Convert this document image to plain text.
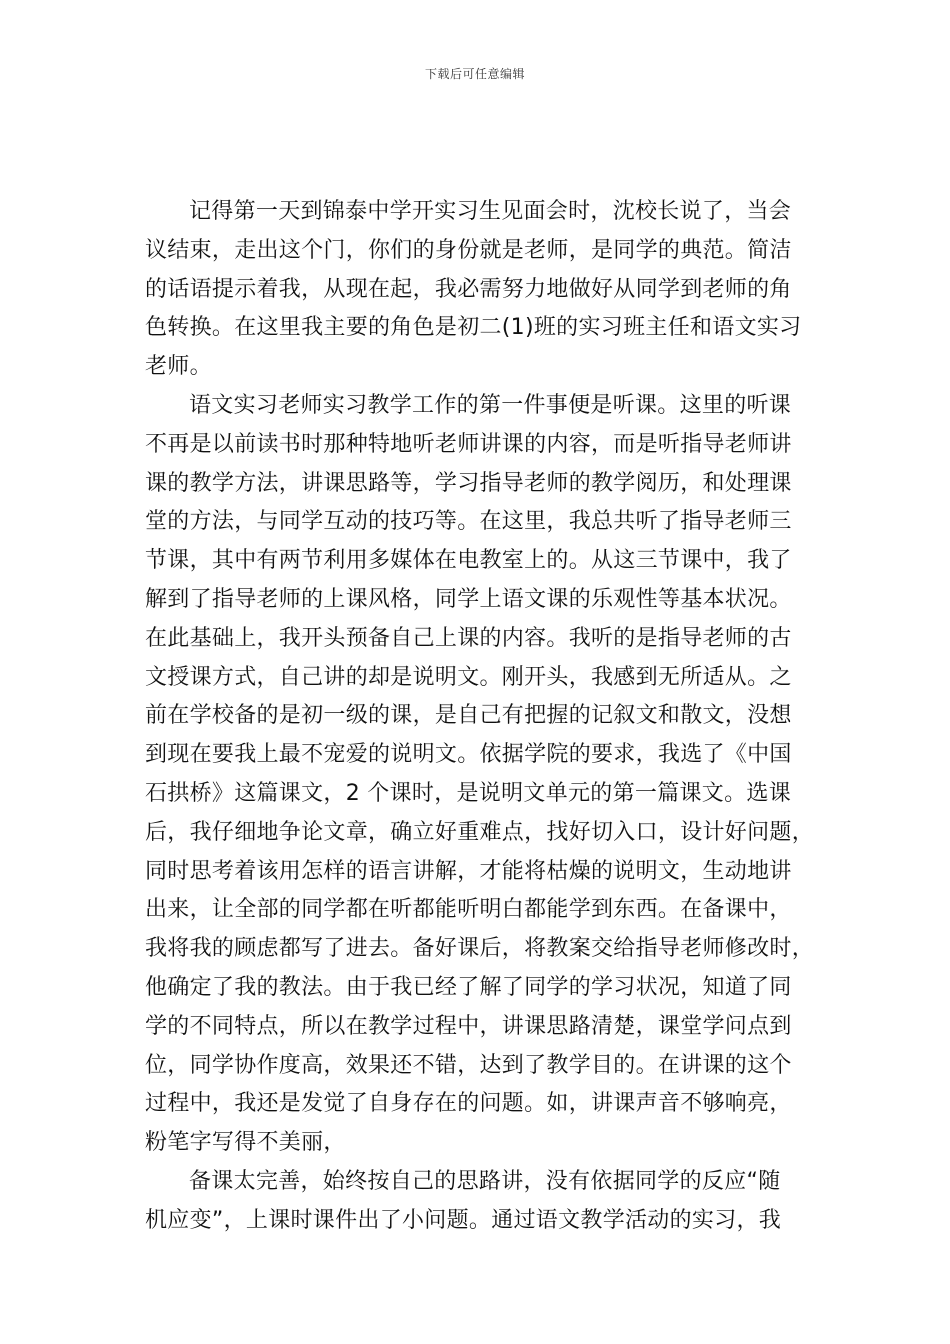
下载后可任意编辑
记得第一天到锦泰中学开实习生见面会时，沈校长说了，当会
议结束，走出这个门，你们的身份就是老师，是同学的典范。简洁
的话语提示着我，从现在起，我必需努力地做好从同学到老师的角
色转换。在这里我主要的角色是初二(1)班的实习班主任和语文实习
老师。
语文实习老师实习教学工作的第一件事便是听课。这里的听课
不再是以前读书时那种特地听老师讲课的内容，而是听指导老师讲
课的教学方法，讲课思路等，学习指导老师的教学阅历，和处理课
堂的方法，与同学互动的技巧等。在这里，我总共听了指导老师三
节课，其中有两节利用多媒体在电教室上的。从这三节课中，我了
解到了指导老师的上课风格，同学上语文课的乐观性等基本状况。
在此基础上，我开头预备自己上课的内容。我听的是指导老师的古
文授课方式，自己讲的却是说明文。刚开头，我感到无所适从。之
前在学校备的是初一级的课，是自己有把握的记叙文和散文，没想
到现在要我上最不宠爱的说明文。依据学院的要求，我选了《中国
石拱桥》这篇课文，2 个课时，是说明文单元的第一篇课文。选课
后，我仔细地争论文章，确立好重难点，找好切入口，设计好问题，
同时思考着该用怎样的语言讲解，才能将枯燥的说明文，生动地讲
出来，让全部的同学都在听都能听明白都能学到东西。在备课中，
我将我的顾虑都写了进去。备好课后，将教案交给指导老师修改时，
他确定了我的教法。由于我已经了解了同学的学习状况，知道了同
学的不同特点，所以在教学过程中，讲课思路清楚，课堂学问点到
位，同学协作度高，效果还不错，达到了教学目的。在讲课的这个
过程中，我还是发觉了自身存在的问题。如，讲课声音不够响亮，
粉笔字写得不美丽，
备课太完善，始终按自己的思路讲，没有依据同学的反应“随
机应变”，上课时课件出了小问题。通过语文教学活动的实习，我
